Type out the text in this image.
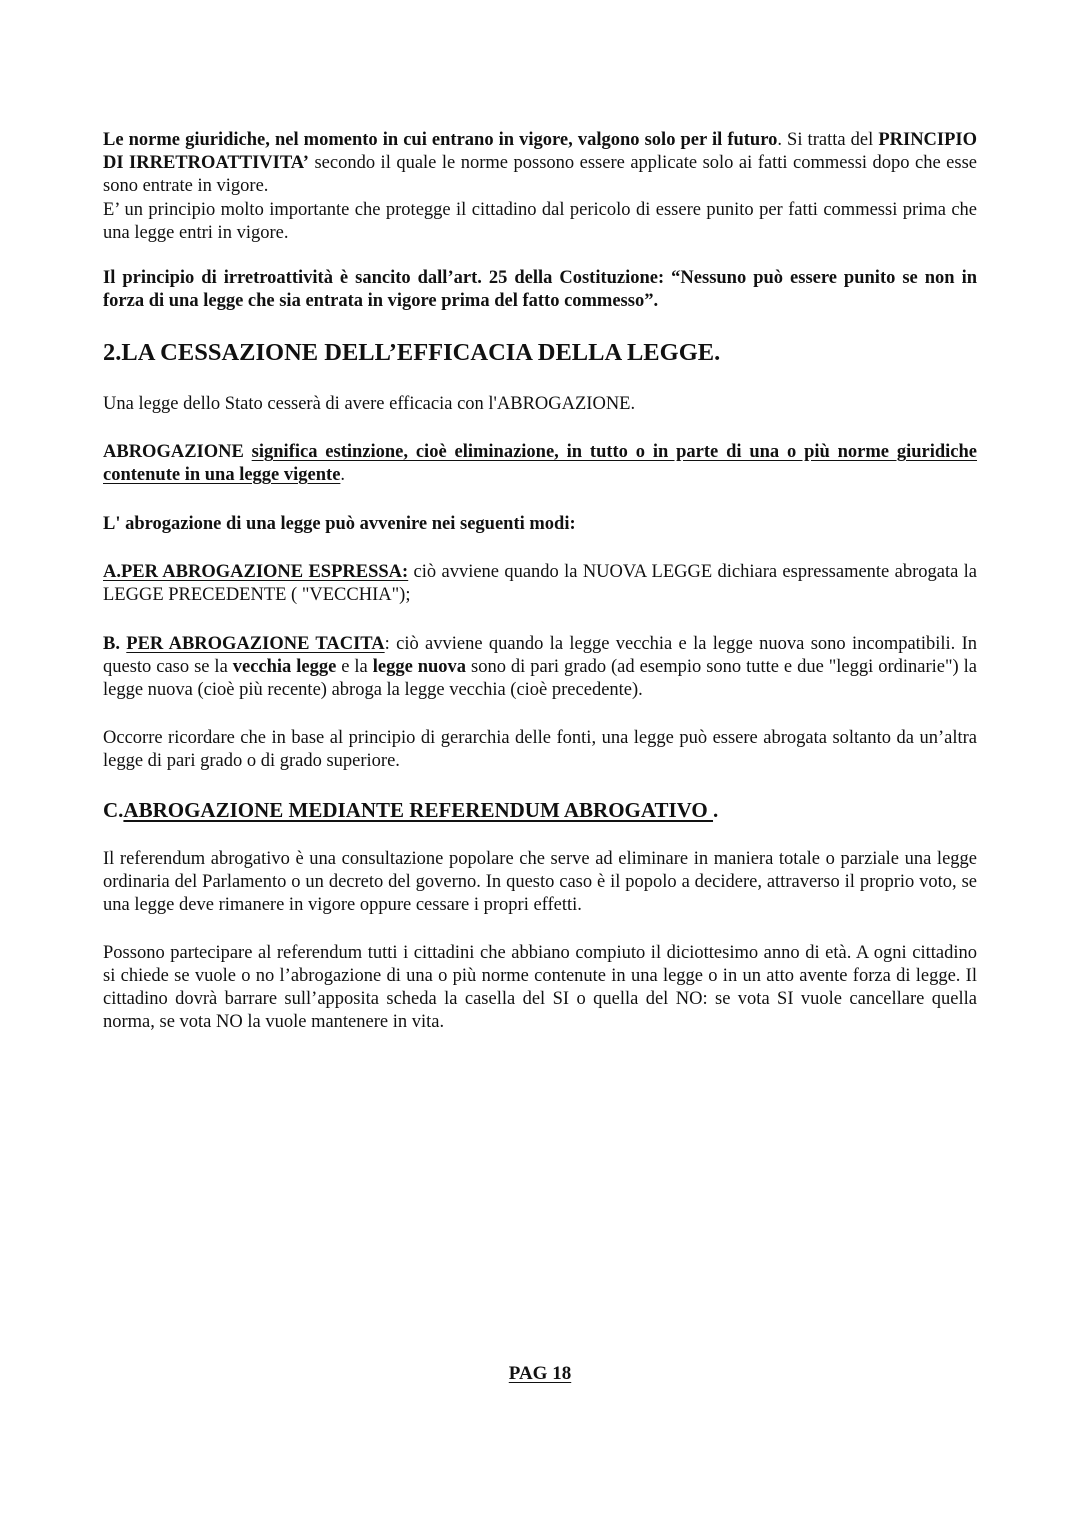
Le norme giuridiche, nel momento in cui entrano in vigore, valgono solo per il futuro. Si tratta del PRINCIPIO DI IRRETROATTIVITA’ secondo il quale le norme possono essere applicate solo ai fatti commessi dopo che esse sono entrate in vigore.

E’ un principio molto importante che protegge il cittadino dal pericolo di essere punito per fatti commessi prima che una legge entri in vigore.

Il principio di irretroattività è sancito dall’art. 25 della Costituzione: “Nessuno può essere punito se non in forza di una legge che sia entrata in vigore prima del fatto commesso”.

2.LA CESSAZIONE DELL’EFFICACIA DELLA LEGGE.

Una legge dello Stato cesserà di avere efficacia con l'ABROGAZIONE.

ABROGAZIONE significa estinzione, cioè eliminazione, in tutto o in parte di una o più norme giuridiche contenute in una legge vigente.

L' abrogazione di una legge può avvenire nei seguenti modi:

A.PER ABROGAZIONE ESPRESSA: ciò avviene quando la NUOVA LEGGE dichiara espressamente abrogata la LEGGE PRECEDENTE ( "VECCHIA");

B. PER ABROGAZIONE TACITA: ciò avviene quando la legge vecchia e la legge nuova sono incompatibili. In questo caso se la vecchia legge e la legge nuova sono di pari grado (ad esempio sono tutte e due "leggi ordinarie") la legge nuova (cioè più recente) abroga la legge vecchia (cioè precedente).

Occorre ricordare che in base al principio di gerarchia delle fonti, una legge può essere abrogata soltanto da un’altra legge di pari grado o di grado superiore.

C.ABROGAZIONE MEDIANTE REFERENDUM ABROGATIVO .

Il referendum abrogativo è una consultazione popolare che serve ad eliminare in maniera totale o parziale una legge ordinaria del Parlamento o un decreto del governo. In questo caso è il popolo a decidere, attraverso il proprio voto, se una legge deve rimanere in vigore oppure cessare i propri effetti.

Possono partecipare al referendum tutti i cittadini che abbiano compiuto il diciottesimo anno di età. A ogni cittadino si chiede se vuole o no l’abrogazione di una o più norme contenute in una legge o in un atto avente forza di legge. Il cittadino dovrà barrare sull’apposita scheda la casella del SI o quella del NO: se vota SI vuole cancellare quella norma, se vota NO la vuole mantenere in vita.

PAG 18
